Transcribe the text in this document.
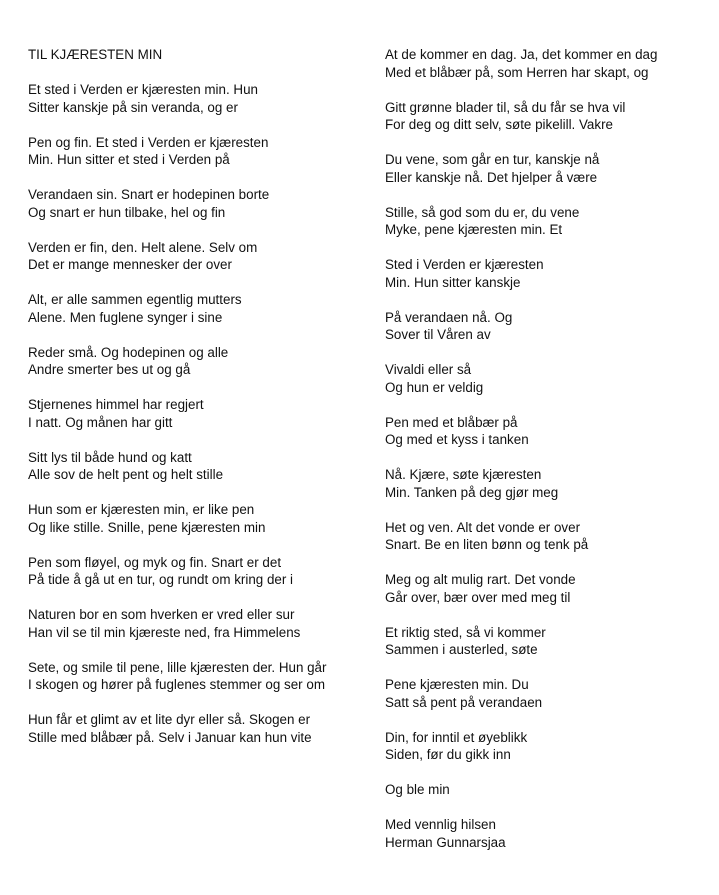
TIL KJÆRESTEN MIN
Et sted i Verden er kjæresten min. Hun
Sitter kanskje på sin veranda, og er
Pen og fin. Et sted i Verden er kjæresten
Min. Hun sitter et sted i Verden på
Verandaen sin. Snart er hodepinen borte
Og snart er hun tilbake, hel og fin
Verden er fin, den. Helt alene. Selv om
Det er mange mennesker der over
Alt, er alle sammen egentlig mutters
Alene. Men fuglene synger i sine
Reder små. Og hodepinen og alle
Andre smerter bes ut og gå
Stjernenes himmel har regjert
I natt. Og månen har gitt
Sitt lys til både hund og katt
Alle sov de helt pent og helt stille
Hun som er kjæresten min, er like pen
Og like stille. Snille, pene kjæresten min
Pen som fløyel, og myk og fin. Snart er det
På tide å gå ut en tur, og rundt om kring der i
Naturen bor en som hverken er vred eller sur
Han vil se til min kjæreste ned, fra Himmelens
Sete, og smile til pene, lille kjæresten der. Hun går
I skogen og hører på fuglenes stemmer og ser om
Hun får et glimt av et lite dyr eller så. Skogen er
Stille med blåbær på. Selv i Januar kan hun vite
At de kommer en dag. Ja, det kommer en dag
Med et blåbær på, som Herren har skapt, og
Gitt grønne blader til, så du får se hva vil
For deg og ditt selv, søte pikelill. Vakre
Du vene, som går en tur, kanskje nå
Eller kanskje nå. Det hjelper å være
Stille, så god som du er, du vene
Myke, pene kjæresten min. Et
Sted i Verden er kjæresten
Min. Hun sitter kanskje
På verandaen nå. Og
Sover til Våren av
Vivaldi eller så
Og hun er veldig
Pen med et blåbær på
Og med et kyss i tanken
Nå. Kjære, søte kjæresten
Min. Tanken på deg gjør meg
Het og ven. Alt det vonde er over
Snart. Be en liten bønn og tenk på
Meg og alt mulig rart. Det vonde
Går over, bær over med meg til
Et riktig sted, så vi kommer
Sammen i austerled, søte
Pene kjæresten min. Du
Satt så pent på verandaen
Din, for inntil et øyeblikk
Siden, før du gikk inn
Og ble min
Med vennlig hilsen
Herman Gunnarsjaa
